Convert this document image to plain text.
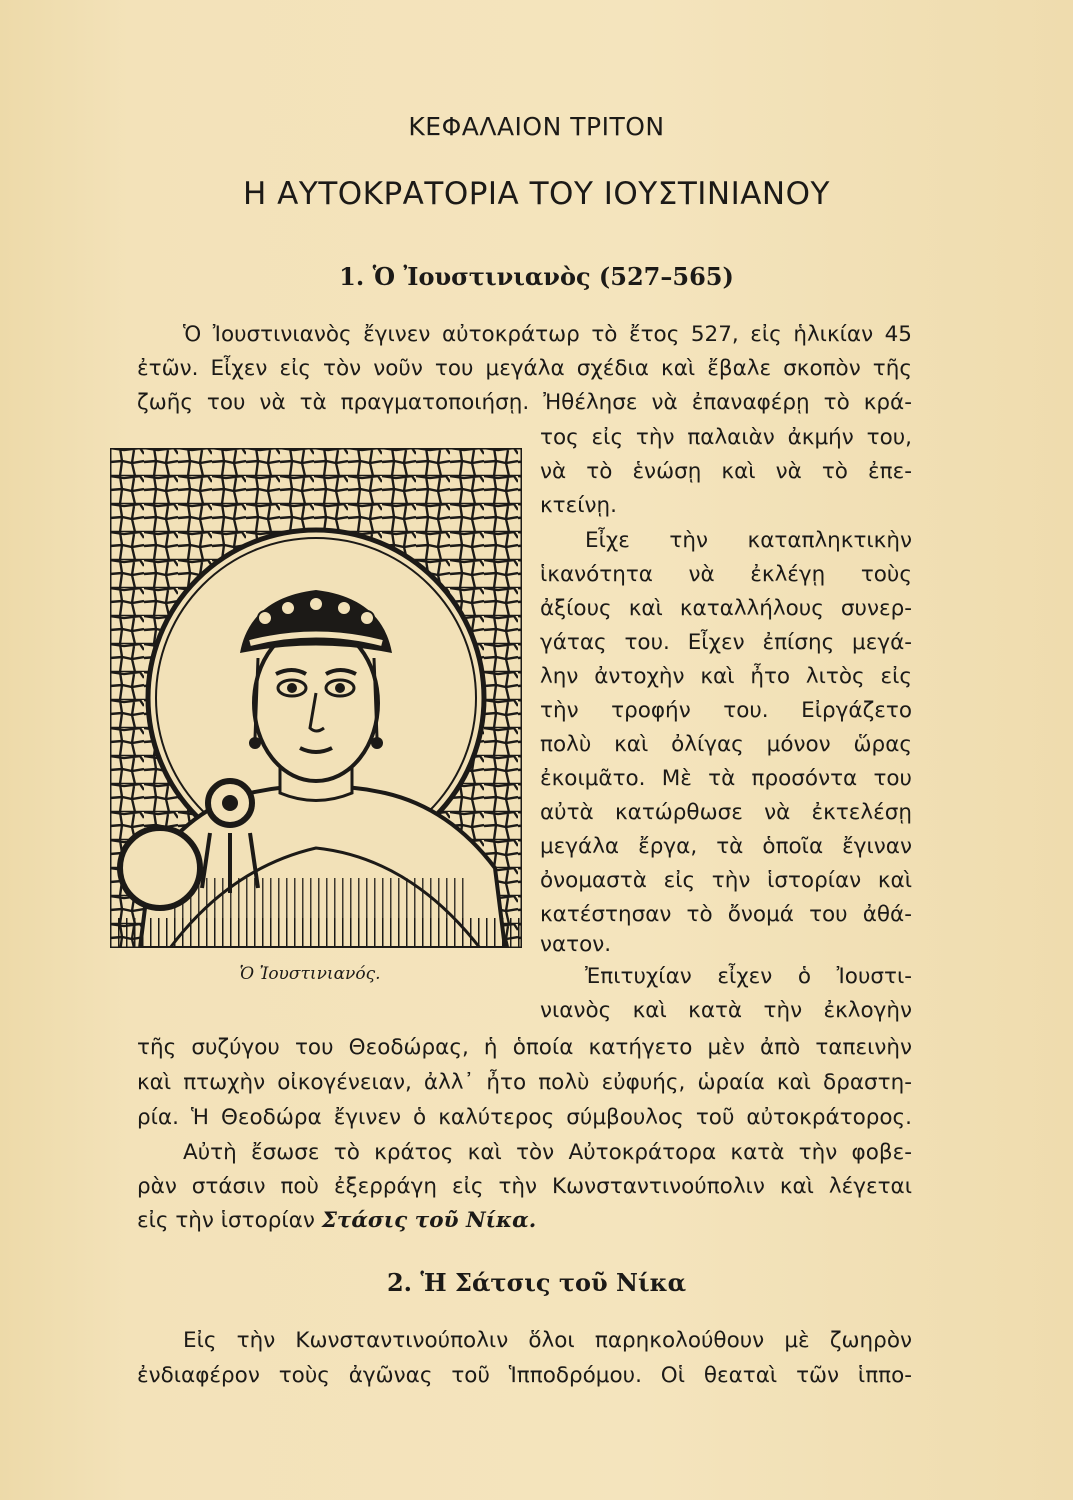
ΚΕΦΑΛΑΙΟΝ ΤΡΙΤΟΝ
Η ΑΥΤΟΚΡΑΤΟΡΙΑ ΤΟΥ ΙΟΥΣΤΙΝΙΑΝΟΥ
1. Ὁ Ἰουστινιανὸς (527–565)
Ὁ Ἰουστινιανὸς ἔγινεν αὐτοκράτωρ τὸ ἔτος 527, εἰς ἡλικίαν 45
ἐτῶν. Εἶχεν εἰς τὸν νοῦν του μεγάλα σχέδια καὶ ἔβαλε σκοπὸν τῆς
ζωῆς του νὰ τὰ πραγματοποιήσῃ. Ἠθέλησε νὰ ἐπαναφέρῃ τὸ κρά-
τος εἰς τὴν παλαιὰν ἀκμήν του,
νὰ τὸ ἑνώσῃ καὶ νὰ τὸ ἐπε-
κτείνῃ.
Εἶχε τὴν καταπληκτικὴν
ἱκανότητα νὰ ἐκλέγῃ τοὺς
ἀξίους καὶ καταλλήλους συνερ-
γάτας του. Εἶχεν ἐπίσης μεγά-
λην ἀντοχὴν καὶ ἦτο λιτὸς εἰς
τὴν τροφήν του. Εἰργάζετο
πολὺ καὶ ὀλίγας μόνον ὥρας
ἐκοιμᾶτο. Μὲ τὰ προσόντα του
αὐτὰ κατώρθωσε νὰ ἐκτελέσῃ
μεγάλα ἔργα, τὰ ὁποῖα ἔγιναν
ὀνομαστὰ εἰς τὴν ἱστορίαν καὶ
κατέστησαν τὸ ὄνομά του ἀθά-
νατον.
Ἐπιτυχίαν εἶχεν ὁ Ἰουστι-
νιανὸς καὶ κατὰ τὴν ἐκλογὴν
τῆς συζύγου του Θεοδώρας, ἡ ὁποία κατήγετο μὲν ἀπὸ ταπεινὴν
καὶ πτωχὴν οἰκογένειαν, ἀλλ᾽ ἦτο πολὺ εὐφυής, ὡραία καὶ δραστη-
ρία. Ἡ Θεοδώρα ἔγινεν ὁ καλύτερος σύμβουλος τοῦ αὐτοκράτορος.
Αὐτὴ ἔσωσε τὸ κράτος καὶ τὸν Αὐτοκράτορα κατὰ τὴν φοβε-
ρὰν στάσιν ποὺ ἐξερράγη εἰς τὴν Κωνσταντινούπολιν καὶ λέγεται
εἰς τὴν ἱστορίαν Στάσις τοῦ Νίκα.
Ὁ Ἰουστινιανός.
2. Ἡ Σάτσις τοῦ Νίκα
Εἰς τὴν Κωνσταντινούπολιν ὅλοι παρηκολούθουν μὲ ζωηρὸν
ἐνδιαφέρον τοὺς ἀγῶνας τοῦ Ἱπποδρόμου. Οἱ θεαταὶ τῶν ἱππο-
